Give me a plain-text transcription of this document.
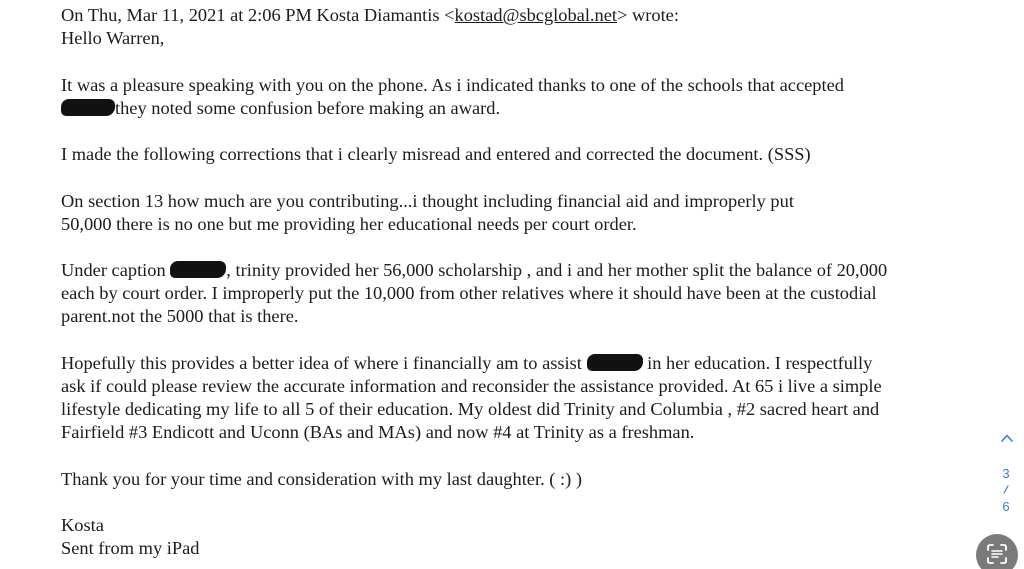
On Thu, Mar 11, 2021 at 2:06 PM Kosta Diamantis <kostad@sbcglobal.net> wrote:
Hello Warren,
It was a pleasure speaking with you on the phone. As i indicated thanks to one of the schools that accepted
they noted some confusion before making an award.
I made the following corrections that i clearly misread and entered and corrected the document. (SSS)
On section 13 how much are you contributing...i thought including financial aid and improperly put
50,000 there is no one but me providing her educational needs per court order.
Under caption	, trinity provided her 56,000 scholarship , and i and her mother split the balance of 20,000
each by court order. I improperly put the 10,000 from other relatives where it should have been at the custodial
parent.not the 5000 that is there.
Hopefully this provides a better idea of where i financially am to assist	in her education. I respectfully
ask if could please review the accurate information and reconsider the assistance provided. At 65 i live a simple
lifestyle dedicating my life to all 5 of their education. My oldest did Trinity and Columbia , #2 sacred heart and
Fairfield #3 Endicott and Uconn (BAs and MAs) and now #4 at Trinity as a freshman.
Thank you for your time and consideration with my last daughter. ( :) )
Kosta
Sent from my iPad
3
6
